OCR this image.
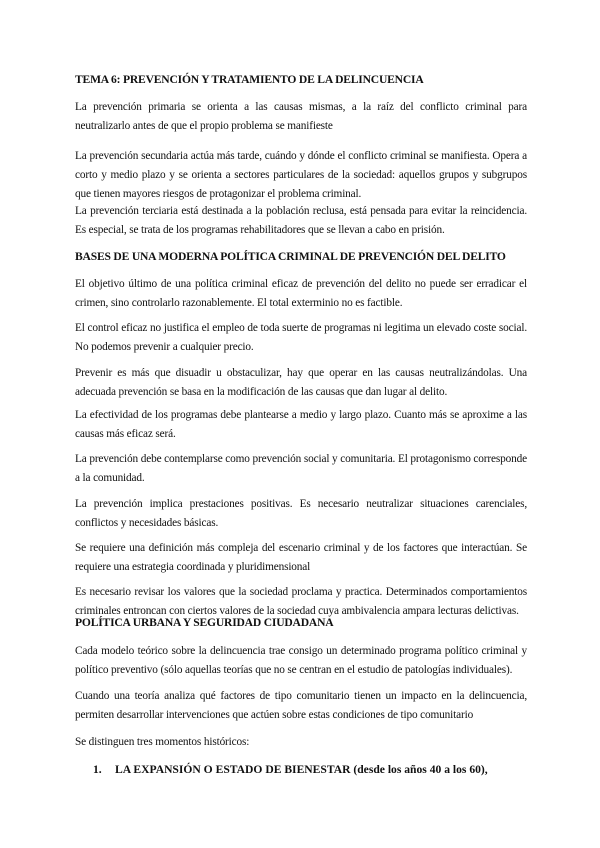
TEMA 6: PREVENCIÓN Y TRATAMIENTO DE LA DELINCUENCIA
La prevención primaria se orienta a las causas mismas, a la raíz del conflicto criminal para neutralizarlo antes de que el propio problema se manifieste
La prevención secundaria actúa más tarde, cuándo y dónde el conflicto criminal se manifiesta. Opera a corto y medio plazo y se orienta a sectores particulares de la sociedad: aquellos grupos y subgrupos que tienen mayores riesgos de protagonizar el problema criminal.
La prevención terciaria está destinada a la población reclusa, está pensada para evitar la reincidencia. Es especial, se trata de los programas rehabilitadores que se llevan a cabo en prisión.
BASES DE UNA MODERNA POLÍTICA CRIMINAL DE PREVENCIÓN DEL DELITO
El objetivo último de una política criminal eficaz de prevención del delito no puede ser erradicar el crimen, sino controlarlo razonablemente. El total exterminio no es factible.
El control eficaz no justifica el empleo de toda suerte de programas ni legitima un elevado coste social. No podemos prevenir a cualquier precio.
Prevenir es más que disuadir u obstaculizar, hay que operar en las causas neutralizándolas. Una adecuada prevención se basa en la modificación de las causas que dan lugar al delito.
La efectividad de los programas debe plantearse a medio y largo plazo. Cuanto más se aproxime a las causas más eficaz será.
La prevención debe contemplarse como prevención social y comunitaria. El protagonismo corresponde a la comunidad.
La prevención implica prestaciones positivas. Es necesario neutralizar situaciones carenciales, conflictos y necesidades básicas.
Se requiere una definición más compleja del escenario criminal y de los factores que interactúan. Se requiere una estrategia coordinada y pluridimensional
Es necesario revisar los valores que la sociedad proclama y practica. Determinados comportamientos criminales entroncan con ciertos valores de la sociedad cuya ambivalencia ampara lecturas delictivas.
POLÍTICA URBANA Y SEGURIDAD CIUDADANA
Cada modelo teórico sobre la delincuencia trae consigo un determinado programa político criminal y político preventivo (sólo aquellas teorías que no se centran en el estudio de patologías individuales).
Cuando una teoría analiza qué factores de tipo comunitario tienen un impacto en la delincuencia, permiten desarrollar intervenciones que actúen sobre estas condiciones de tipo comunitario
Se distinguen tres momentos históricos:
1. LA EXPANSIÓN O ESTADO DE BIENESTAR (desde los años 40 a los 60),
